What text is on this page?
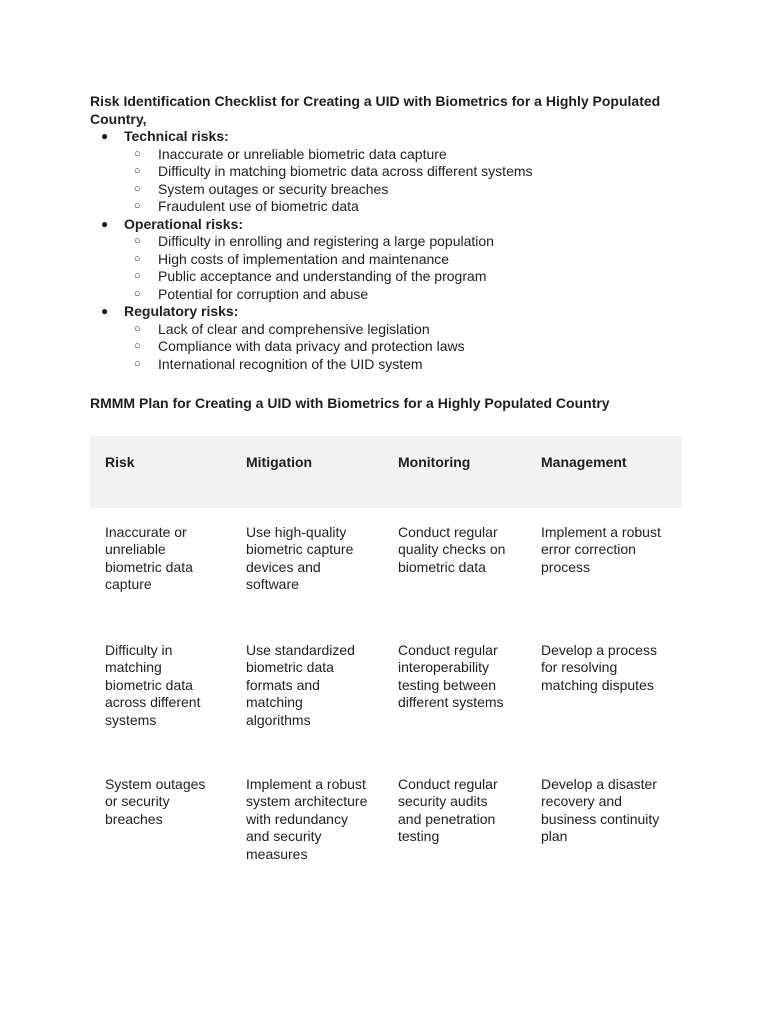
Risk Identification Checklist for Creating a UID with Biometrics for a Highly Populated Country,

● Technical risks:
○ Inaccurate or unreliable biometric data capture
○ Difficulty in matching biometric data across different systems
○ System outages or security breaches
○ Fraudulent use of biometric data
● Operational risks:
○ Difficulty in enrolling and registering a large population
○ High costs of implementation and maintenance
○ Public acceptance and understanding of the program
○ Potential for corruption and abuse
● Regulatory risks:
○ Lack of clear and comprehensive legislation
○ Compliance with data privacy and protection laws
○ International recognition of the UID system

RMMM Plan for Creating a UID with Biometrics for a Highly Populated Country

Risk	Mitigation	Monitoring	Management
Inaccurate or unreliable biometric data capture	Use high-quality biometric capture devices and software	Conduct regular quality checks on biometric data	Implement a robust error correction process
Difficulty in matching biometric data across different systems	Use standardized biometric data formats and matching algorithms	Conduct regular interoperability testing between different systems	Develop a process for resolving matching disputes
System outages or security breaches	Implement a robust system architecture with redundancy and security measures	Conduct regular security audits and penetration testing	Develop a disaster recovery and business continuity plan
